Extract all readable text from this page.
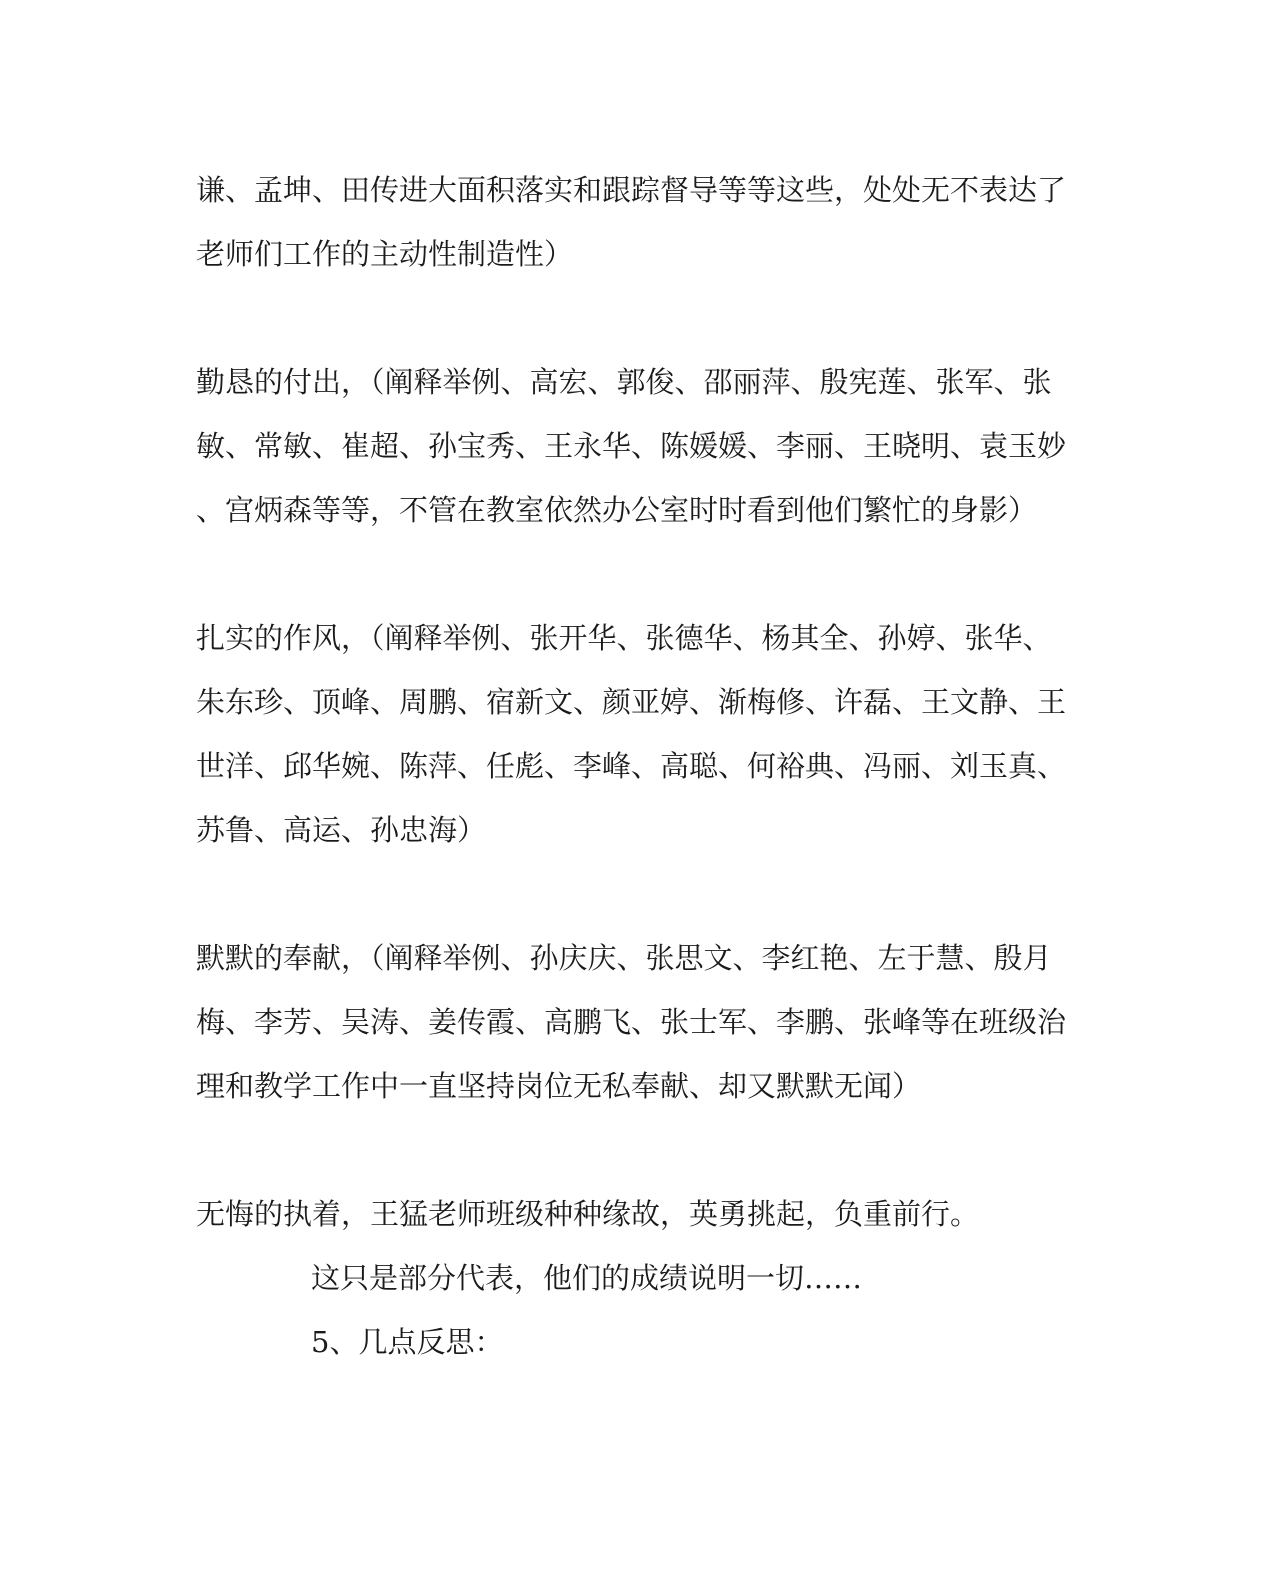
谦、孟坤、田传进大面积落实和跟踪督导等等这些，处处无不表达了
老师们工作的主动性制造性）
勤恳的付出，（阐释举例、高宏、郭俊、邵丽萍、殷宪莲、张军、张
敏、常敏、崔超、孙宝秀、王永华、陈媛媛、李丽、王晓明、袁玉妙
、宫炳森等等，不管在教室依然办公室时时看到他们繁忙的身影）
扎实的作风，（阐释举例、张开华、张德华、杨其全、孙婷、张华、
朱东珍、顶峰、周鹏、宿新文、颜亚婷、渐梅修、许磊、王文静、王
世洋、邱华婉、陈萍、任彪、李峰、高聪、何裕典、冯丽、刘玉真、
苏鲁、高运、孙忠海）
默默的奉献，（阐释举例、孙庆庆、张思文、李红艳、左于慧、殷月
梅、李芳、吴涛、姜传霞、高鹏飞、张士军、李鹏、张峰等在班级治
理和教学工作中一直坚持岗位无私奉献、却又默默无闻）
无悔的执着，王猛老师班级种种缘故，英勇挑起，负重前行。
这只是部分代表，他们的成绩说明一切……
5、几点反思：
